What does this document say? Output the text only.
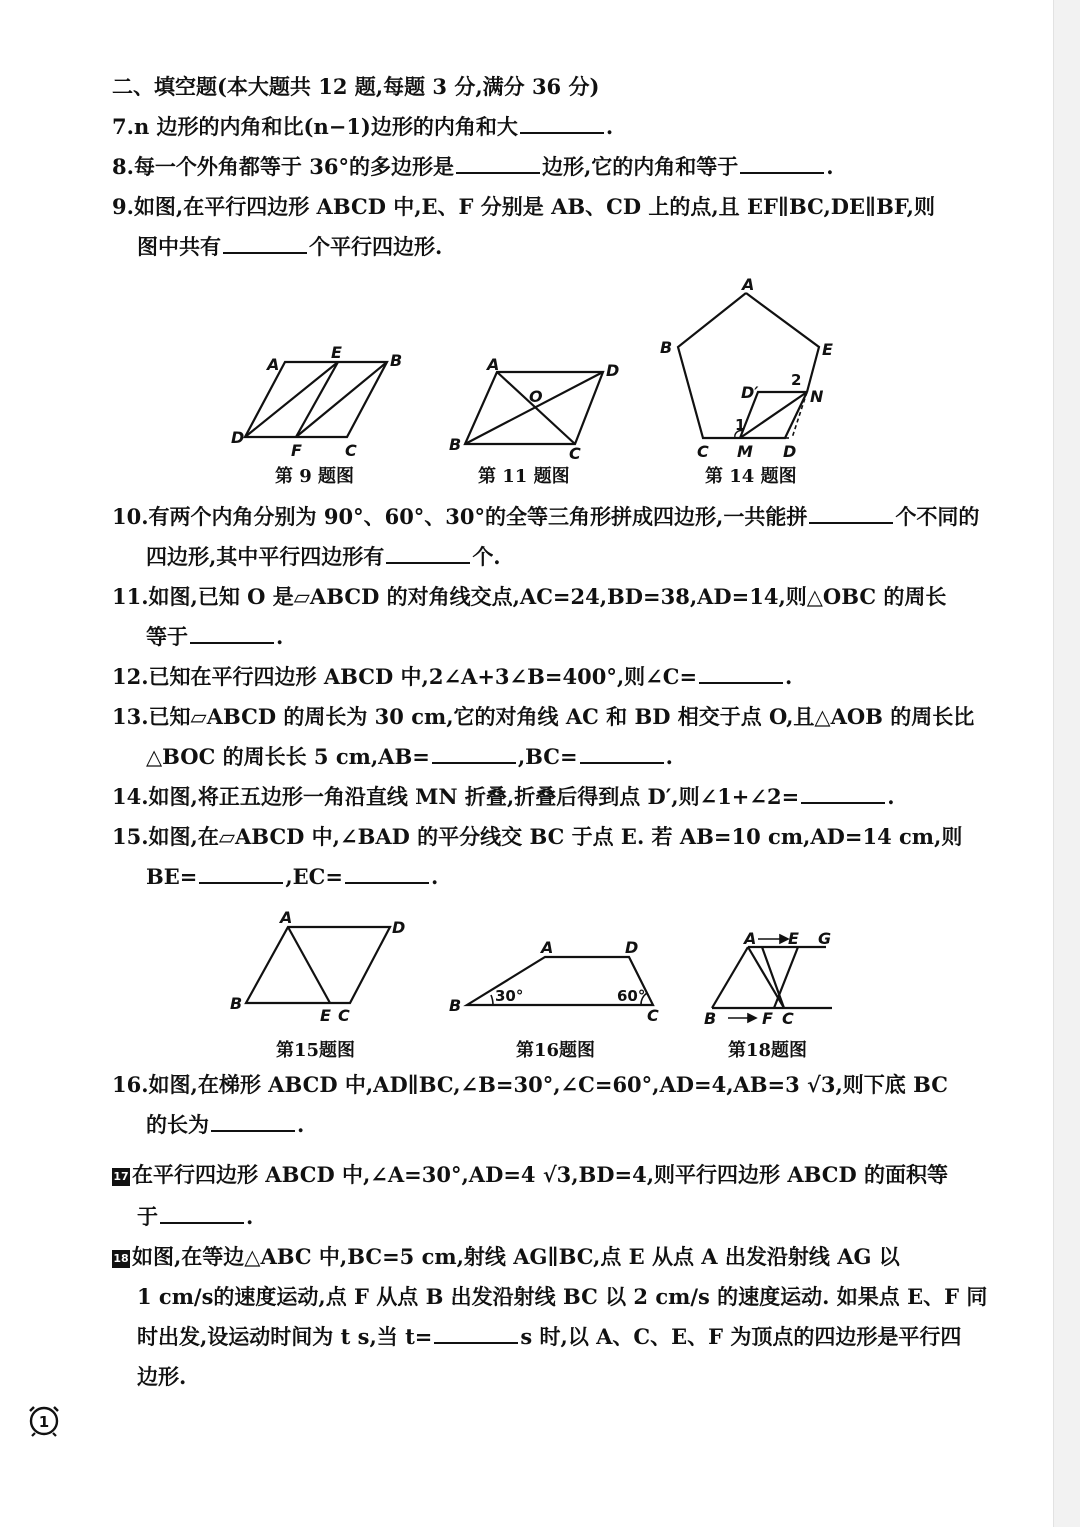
二、填空题(本大题共 12 题,每题 3 分,满分 36 分)
7.n 边形的内角和比(n−1)边形的内角和大	.
8.每一个外角都等于 36°的多边形是	边形,它的内角和等于	.
9.如图,在平行四边形 ABCD 中,E、F 分别是 AB、CD 上的点,且 EF∥BC,DE∥BF,则
图中共有	个平行四边形.
A
E	B
D
F	C
第 9 题图
A	D
O
B	C
第 11 题图
A
B	E
D′
2
N
1
C M D
第 14 题图
10.有两个内角分别为 90°、60°、30°的全等三角形拼成四边形,一共能拼	个不同的
四边形,其中平行四边形有	个.
11.如图,已知 O 是▱ABCD 的对角线交点,AC=24,BD=38,AD=14,则△OBC 的周长
等于	.
12.已知在平行四边形 ABCD 中,2∠A+3∠B=400°,则∠C=	.
13.已知▱ABCD 的周长为 30 cm,它的对角线 AC 和 BD 相交于点 O,且△AOB 的周长比
△BOC 的周长长 5 cm,AB=	,BC=	.
14.如图,将正五边形一角沿直线 MN 折叠,折叠后得到点 D′,则∠1+∠2=	.
15.如图,在▱ABCD 中,∠BAD 的平分线交 BC 于点 E. 若 AB=10 cm,AD=14 cm,则
BE=	,EC=	.
A
D
B
E C
第15题图
A	D
B
C
30°	60°
第16题图
A E G
B	F C
第18题图
16.如图,在梯形 ABCD 中,AD∥BC,∠B=30°,∠C=60°,AD=4,AB=3 √3,则下底 BC
的长为	.
17 在平行四边形 ABCD 中,∠A=30°,AD=4 √3,BD=4,则平行四边形 ABCD 的面积等
于	.
18 如图,在等边△ABC 中,BC=5 cm,射线 AG∥BC,点 E 从点 A 出发沿射线 AG 以
1 cm/s的速度运动,点 F 从点 B 出发沿射线 BC 以 2 cm/s 的速度运动. 如果点 E、F 同
时出发,设运动时间为 t s,当 t=	s 时,以 A、C、E、F 为顶点的四边形是平行四
边形.
1
